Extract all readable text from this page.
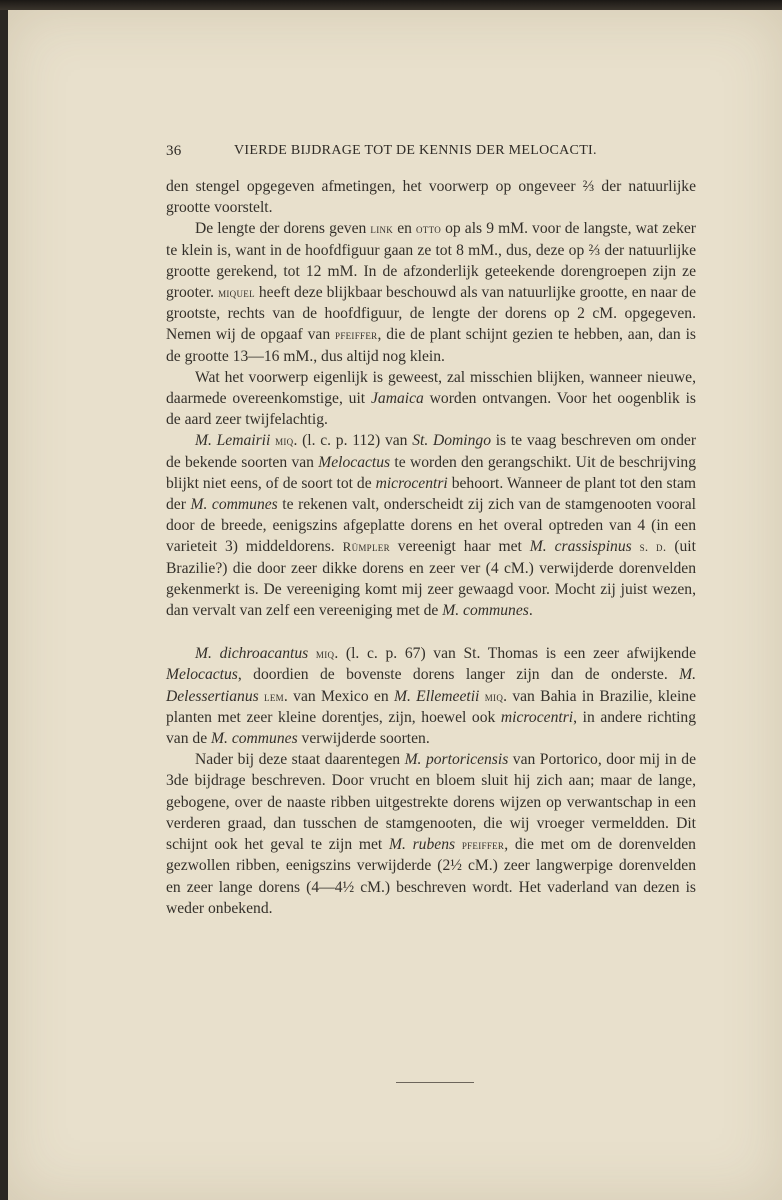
36	VIERDE BIJDRAGE TOT DE KENNIS DER MELOCACTI.

den stengel opgegeven afmetingen, het voorwerp op ongeveer ⅔ der natuurlijke grootte voorstelt.

De lengte der dorens geven link en otto op als 9 mM. voor de langste, wat zeker te klein is, want in de hoofdfiguur gaan ze tot 8 mM., dus, deze op ⅔ der natuurlijke grootte gerekend, tot 12 mM. In de afzonderlijk geteekende dorengroepen zijn ze grooter. miquel heeft deze blijkbaar beschouwd als van natuurlijke grootte, en naar de grootste, rechts van de hoofdfiguur, de lengte der dorens op 2 cM. opgegeven. Nemen wij de opgaaf van pfeiffer, die de plant schijnt gezien te hebben, aan, dan is de grootte 13—16 mM., dus altijd nog klein.

Wat het voorwerp eigenlijk is geweest, zal misschien blijken, wanneer nieuwe, daarmede overeenkomstige, uit Jamaica worden ontvangen. Voor het oogenblik is de aard zeer twijfelachtig.

M. Lemairii miq. (l. c. p. 112) van St. Domingo is te vaag beschreven om onder de bekende soorten van Melocactus te worden den gerangschikt. Uit de beschrijving blijkt niet eens, of de soort tot de microcentri behoort. Wanneer de plant tot den stam der M. communes te rekenen valt, onderscheidt zij zich van de stamgenooten vooral door de breede, eenigszins afgeplatte dorens en het overal optreden van 4 (in een varieteit 3) middeldorens. Rümpler vereenigt haar met M. crassispinus s. d. (uit Brazilie?) die door zeer dikke dorens en zeer ver (4 cM.) verwijderde dorenvelden gekenmerkt is. De vereeniging komt mij zeer gewaagd voor. Mocht zij juist wezen, dan vervalt van zelf een vereeniging met de M. communes.

M. dichroacantus miq. (l. c. p. 67) van St. Thomas is een zeer afwijkende Melocactus, doordien de bovenste dorens langer zijn dan de onderste. M. Delessertianus lem. van Mexico en M. Ellemeetii miq. van Bahia in Brazilie, kleine planten met zeer kleine dorentjes, zijn, hoewel ook microcentri, in andere richting van de M. communes verwijderde soorten.

Nader bij deze staat daarentegen M. portoricensis van Portorico, door mij in de 3de bijdrage beschreven. Door vrucht en bloem sluit hij zich aan; maar de lange, gebogene, over de naaste ribben uitgestrekte dorens wijzen op verwantschap in een verderen graad, dan tusschen de stamgenooten, die wij vroeger vermeldden. Dit schijnt ook het geval te zijn met M. rubens pfeiffer, die met om de dorenvelden gezwollen ribben, eenigszins verwijderde (2½ cM.) zeer langwerpige dorenvelden en zeer lange dorens (4—4½ cM.) beschreven wordt. Het vaderland van dezen is weder onbekend.
